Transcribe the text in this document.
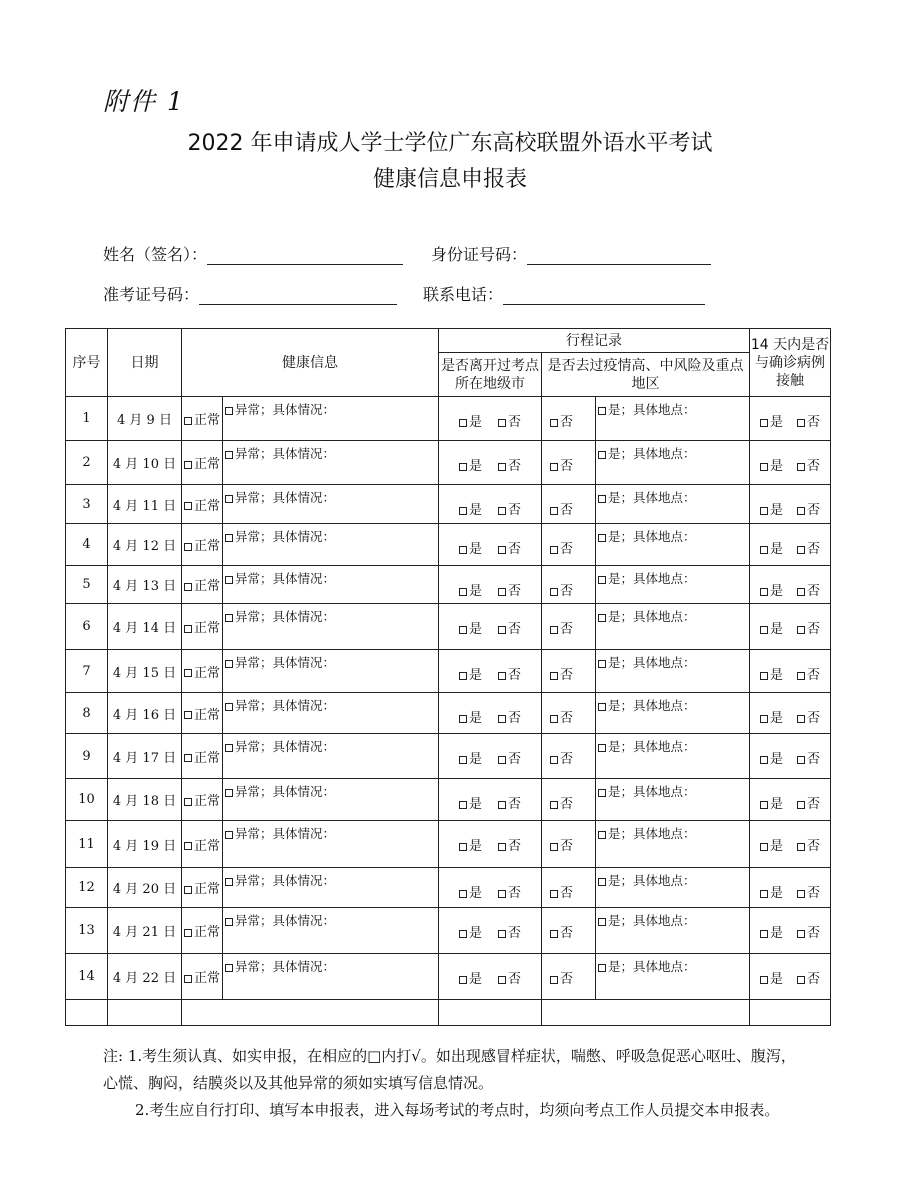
附件 1
2022 年申请成人学士学位广东高校联盟外语水平考试
健康信息申报表
姓名（签名）：	身份证号码：
准考证号码：	联系电话：
序号	日期	健康信息		行程记录			14 天内是否与确诊病例接触
				是否离开过考点所在地级市	是否去过疫情高、中风险及重点地区		
1	4 月 9 日	正常	异常；具体情况：	是 否	否	是；具体地点：	是 否

2	4 月 10 日	正常	异常；具体情况：	是 否	否	是；具体地点：	是 否

3	4 月 11 日	正常	异常；具体情况：	是 否	否	是；具体地点：	是 否

4	4 月 12 日	正常	异常；具体情况：	是 否	否	是；具体地点：	是 否

5	4 月 13 日	正常	异常；具体情况：	是 否	否	是；具体地点：	是 否

6	4 月 14 日	正常	异常；具体情况：	是 否	否	是；具体地点：	是 否

7	4 月 15 日	正常	异常；具体情况：	是 否	否	是；具体地点：	是 否

8	4 月 16 日	正常	异常；具体情况：	是 否	否	是；具体地点：	是 否

9	4 月 17 日	正常	异常；具体情况：	是 否	否	是；具体地点：	是 否

10	4 月 18 日	正常	异常；具体情况：	是 否	否	是；具体地点：	是 否

11	4 月 19 日	正常	异常；具体情况：	是 否	否	是；具体地点：	是 否

12	4 月 20 日	正常	异常；具体情况：	是 否	否	是；具体地点：	是 否

13	4 月 21 日	正常	异常；具体情况：	是 否	否	是；具体地点：	是 否

14	4 月 22 日	正常	异常；具体情况：	是 否	否	是；具体地点：	是 否

注: 1.考生须认真、如实申报，在相应的□内打√。如出现感冒样症状，喘憋、呼吸急促恶心呕吐、腹泻，心慌、胸闷，结膜炎以及其他异常的须如实填写信息情况。
2.考生应自行打印、填写本申报表，进入每场考试的考点时，均须向考点工作人员提交本申报表。
